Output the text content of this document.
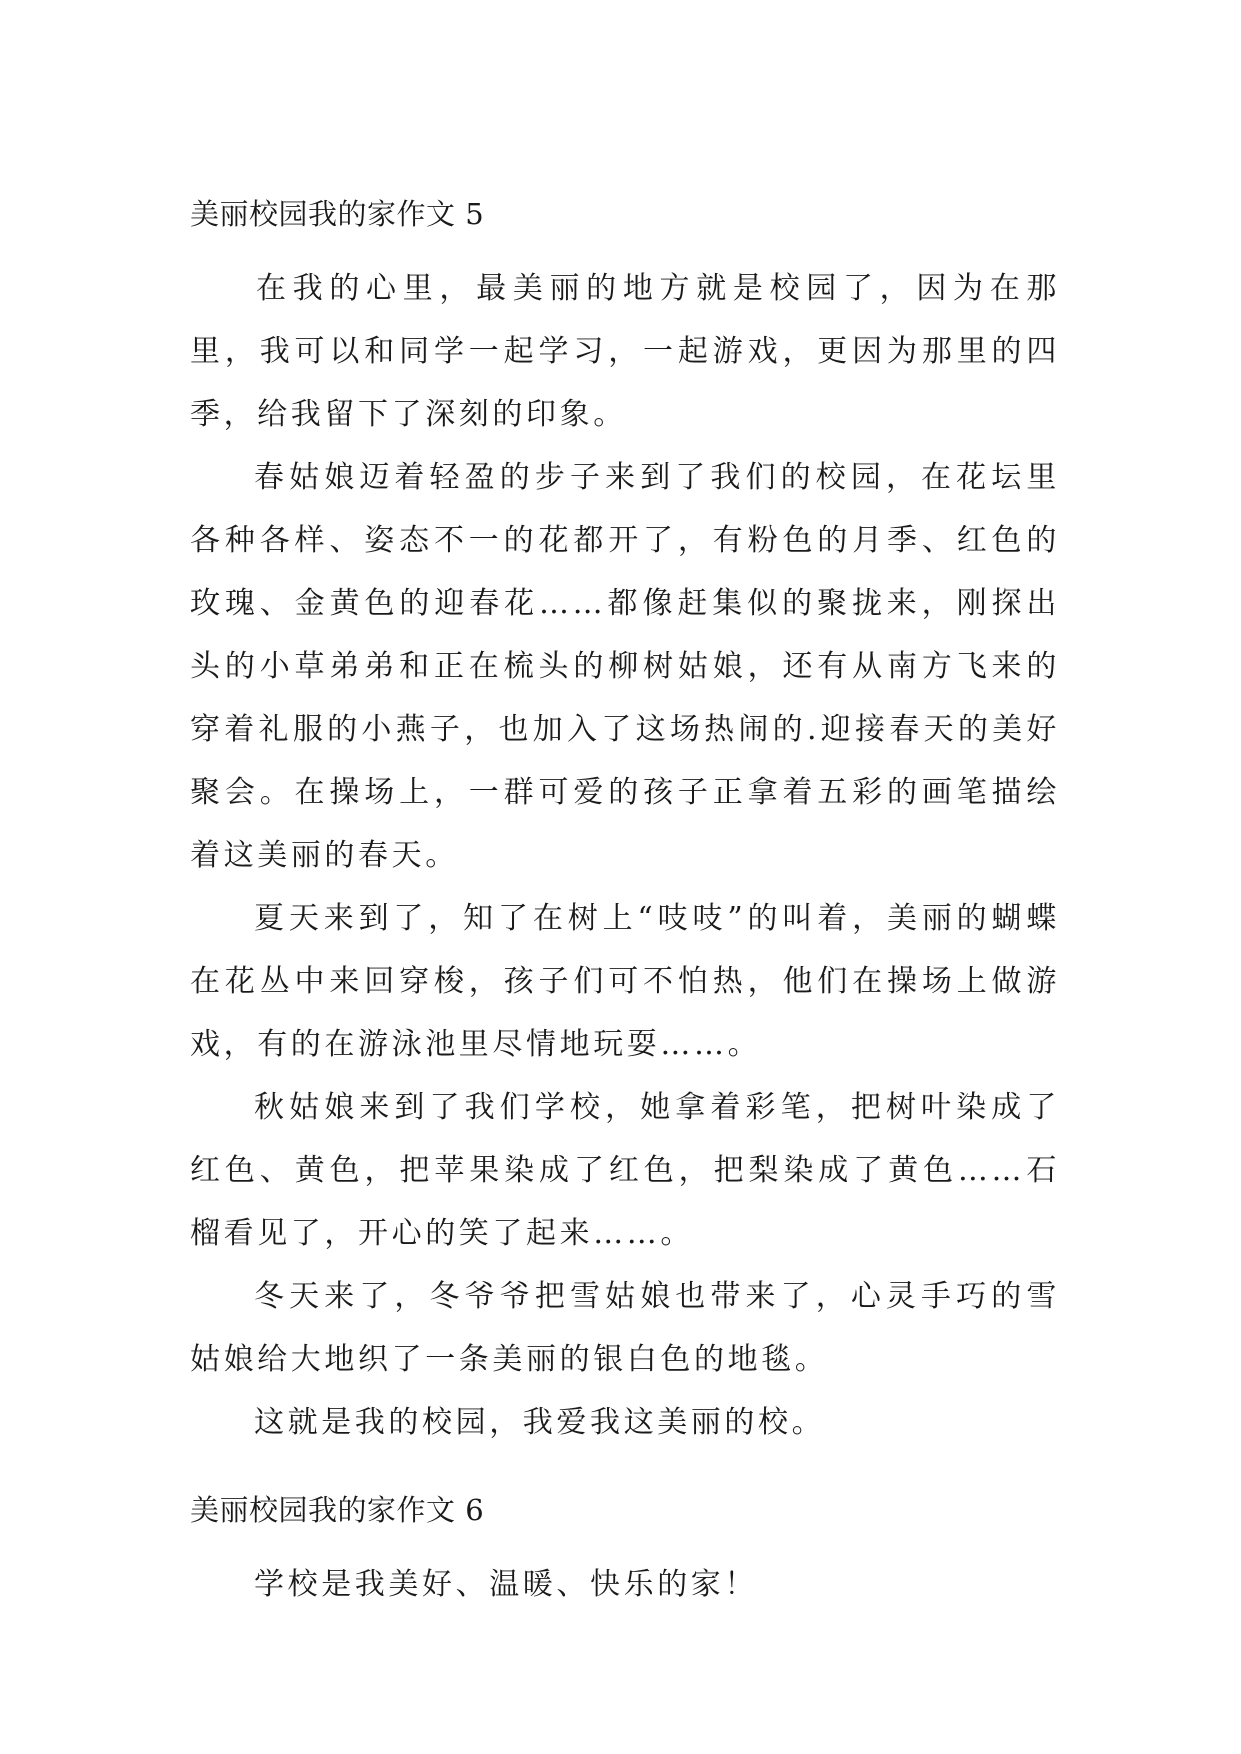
美丽校园我的家作文 5

在我的心里，最美丽的地方就是校园了，因为在那里，我可以和同学一起学习，一起游戏，更因为那里的四季，给我留下了深刻的印象。

春姑娘迈着轻盈的步子来到了我们的校园，在花坛里各种各样、姿态不一的花都开了，有粉色的月季、红色的玫瑰、金黄色的迎春花……都像赶集似的聚拢来，刚探出头的小草弟弟和正在梳头的柳树姑娘，还有从南方飞来的穿着礼服的小燕子，也加入了这场热闹的.迎接春天的美好聚会。在操场上，一群可爱的孩子正拿着五彩的画笔描绘着这美丽的春天。

夏天来到了，知了在树上“吱吱”的叫着，美丽的蝴蝶在花丛中来回穿梭，孩子们可不怕热，他们在操场上做游戏，有的在游泳池里尽情地玩耍……。

秋姑娘来到了我们学校，她拿着彩笔，把树叶染成了红色、黄色，把苹果染成了红色，把梨染成了黄色……石榴看见了，开心的笑了起来……。

冬天来了，冬爷爷把雪姑娘也带来了，心灵手巧的雪姑娘给大地织了一条美丽的银白色的地毯。

这就是我的校园，我爱我这美丽的校。

美丽校园我的家作文 6

学校是我美好、温暖、快乐的家！
